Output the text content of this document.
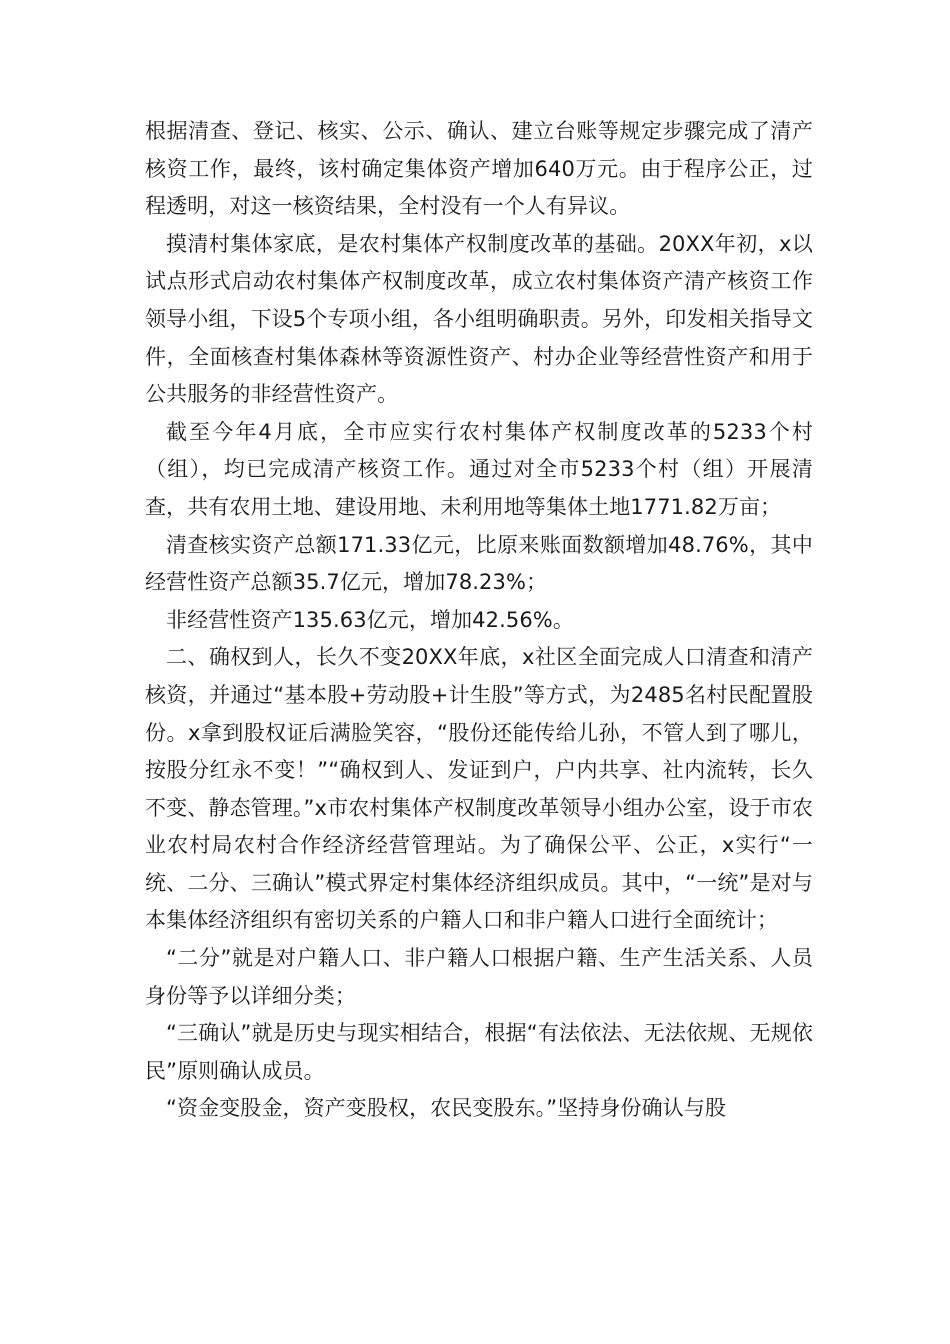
根据清查、登记、核实、公示、确认、建立台账等规定步骤完成了清产核资工作，最终，该村确定集体资产增加640万元。由于程序公正，过程透明，对这一核资结果，全村没有一个人有异议。

摸清村集体家底，是农村集体产权制度改革的基础。20XX年初，x以试点形式启动农村集体产权制度改革，成立农村集体资产清产核资工作领导小组，下设5个专项小组，各小组明确职责。另外，印发相关指导文件，全面核查村集体森林等资源性资产、村办企业等经营性资产和用于公共服务的非经营性资产。

截至今年4月底，全市应实行农村集体产权制度改革的5233个村（组），均已完成清产核资工作。通过对全市5233个村（组）开展清查，共有农用土地、建设用地、未利用地等集体土地1771.82万亩；

清查核实资产总额171.33亿元，比原来账面数额增加48.76%，其中经营性资产总额35.7亿元，增加78.23%；

非经营性资产135.63亿元，增加42.56%。

二、确权到人，长久不变20XX年底，x社区全面完成人口清查和清产核资，并通过“基本股+劳动股+计生股”等方式，为2485名村民配置股份。x拿到股权证后满脸笑容，“股份还能传给儿孙，不管人到了哪儿，按股分红永不变！”“确权到人、发证到户，户内共享、社内流转，长久不变、静态管理。”x市农村集体产权制度改革领导小组办公室，设于市农业农村局农村合作经济经营管理站。为了确保公平、公正，x实行“一统、二分、三确认”模式界定村集体经济组织成员。其中，“一统”是对与本集体经济组织有密切关系的户籍人口和非户籍人口进行全面统计；

“二分”就是对户籍人口、非户籍人口根据户籍、生产生活关系、人员身份等予以详细分类；

“三确认”就是历史与现实相结合，根据“有法依法、无法依规、无规依民”原则确认成员。

“资金变股金，资产变股权，农民变股东。”坚持身份确认与股
